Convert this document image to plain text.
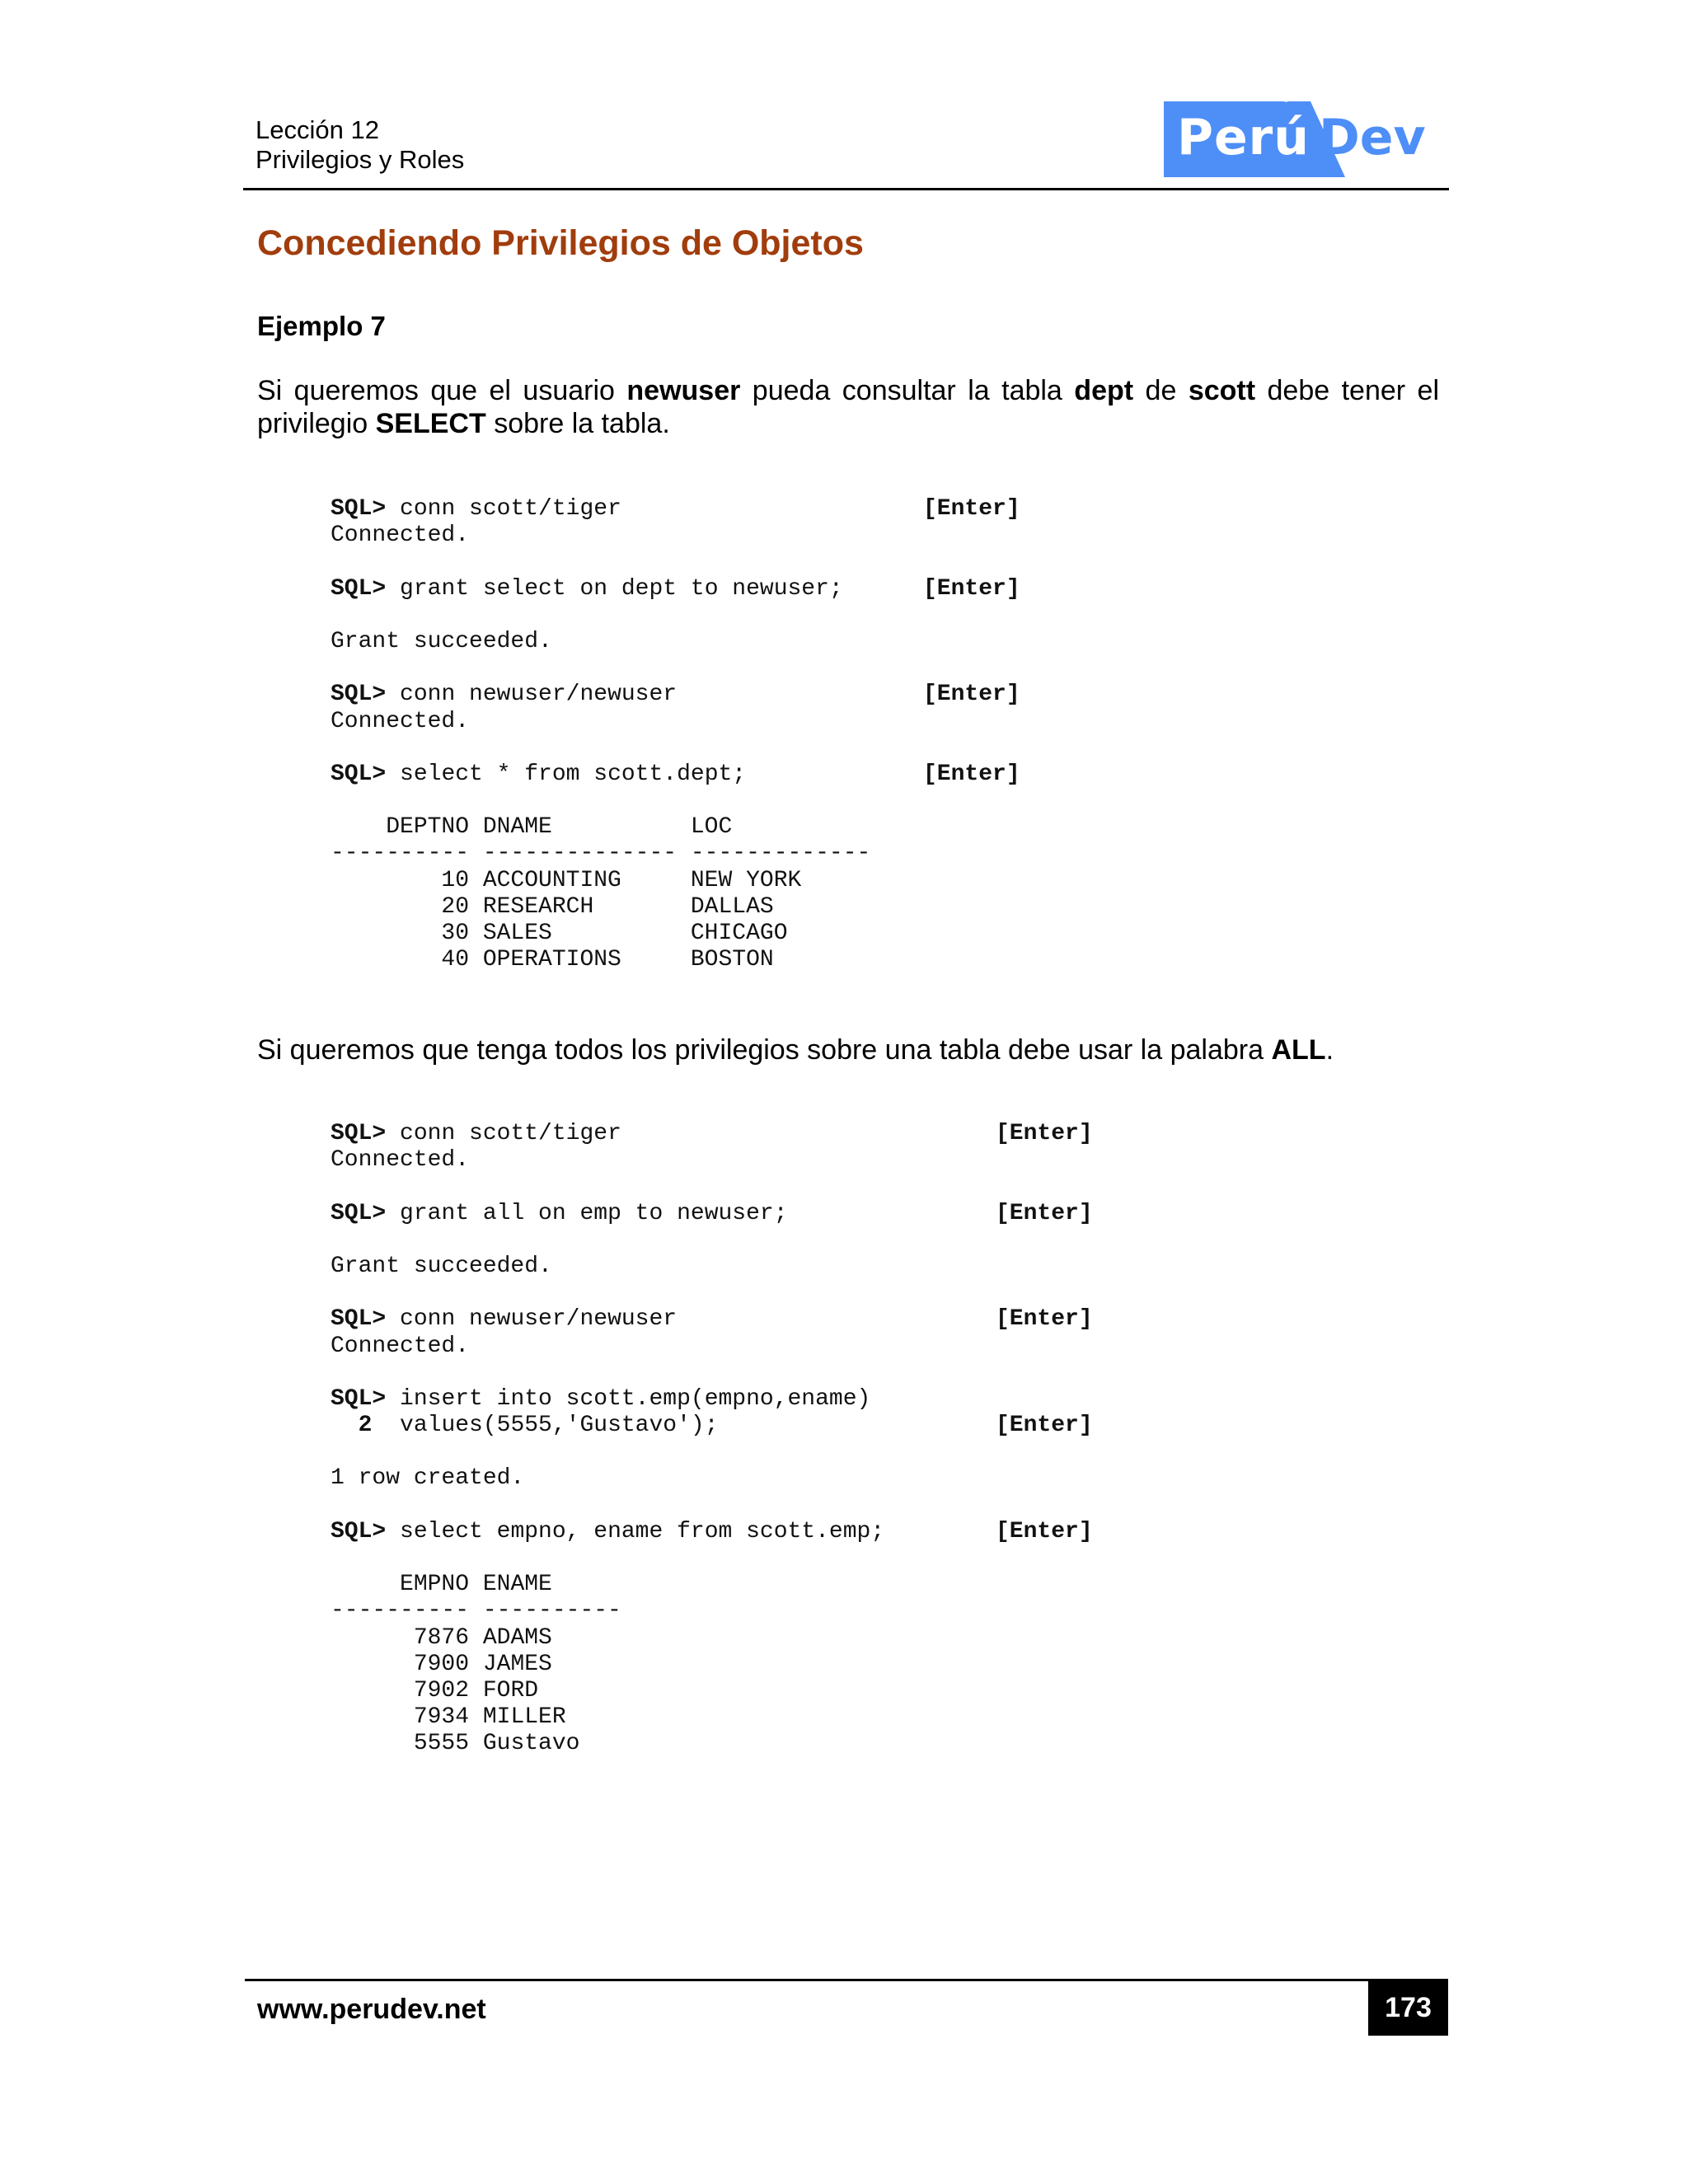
Lección 12
Privilegios y Roles	Perú Dev
Concediendo Privilegios de Objetos
Ejemplo 7

Si queremos que el usuario newuser pueda consultar la tabla dept de scott debe tener el privilegio SELECT sobre la tabla.

SQL> conn scott/tiger	[Enter]
Connected.
SQL> grant select on dept to newuser;	[Enter]
Grant succeeded.
SQL> conn newuser/newuser	[Enter]
Connected.
SQL> select * from scott.dept;	[Enter]
DEPTNO DNAME          LOC
---------- -------------- -------------
10 ACCOUNTING     NEW YORK
20 RESEARCH       DALLAS
30 SALES          CHICAGO
40 OPERATIONS     BOSTON

Si queremos que tenga todos los privilegios sobre una tabla debe usar la palabra ALL.

SQL> conn scott/tiger	[Enter]
Connected.
SQL> grant all on emp to newuser;	[Enter]
Grant succeeded.
SQL> conn newuser/newuser	[Enter]
Connected.
SQL> insert into scott.emp(empno,ename)
2 values(5555,'Gustavo');	[Enter]
1 row created.
SQL> select empno, ename from scott.emp;	[Enter]
EMPNO ENAME
---------- ----------
7876 ADAMS
7900 JAMES
7902 FORD
7934 MILLER
5555 Gustavo
www.perudev.net	173
